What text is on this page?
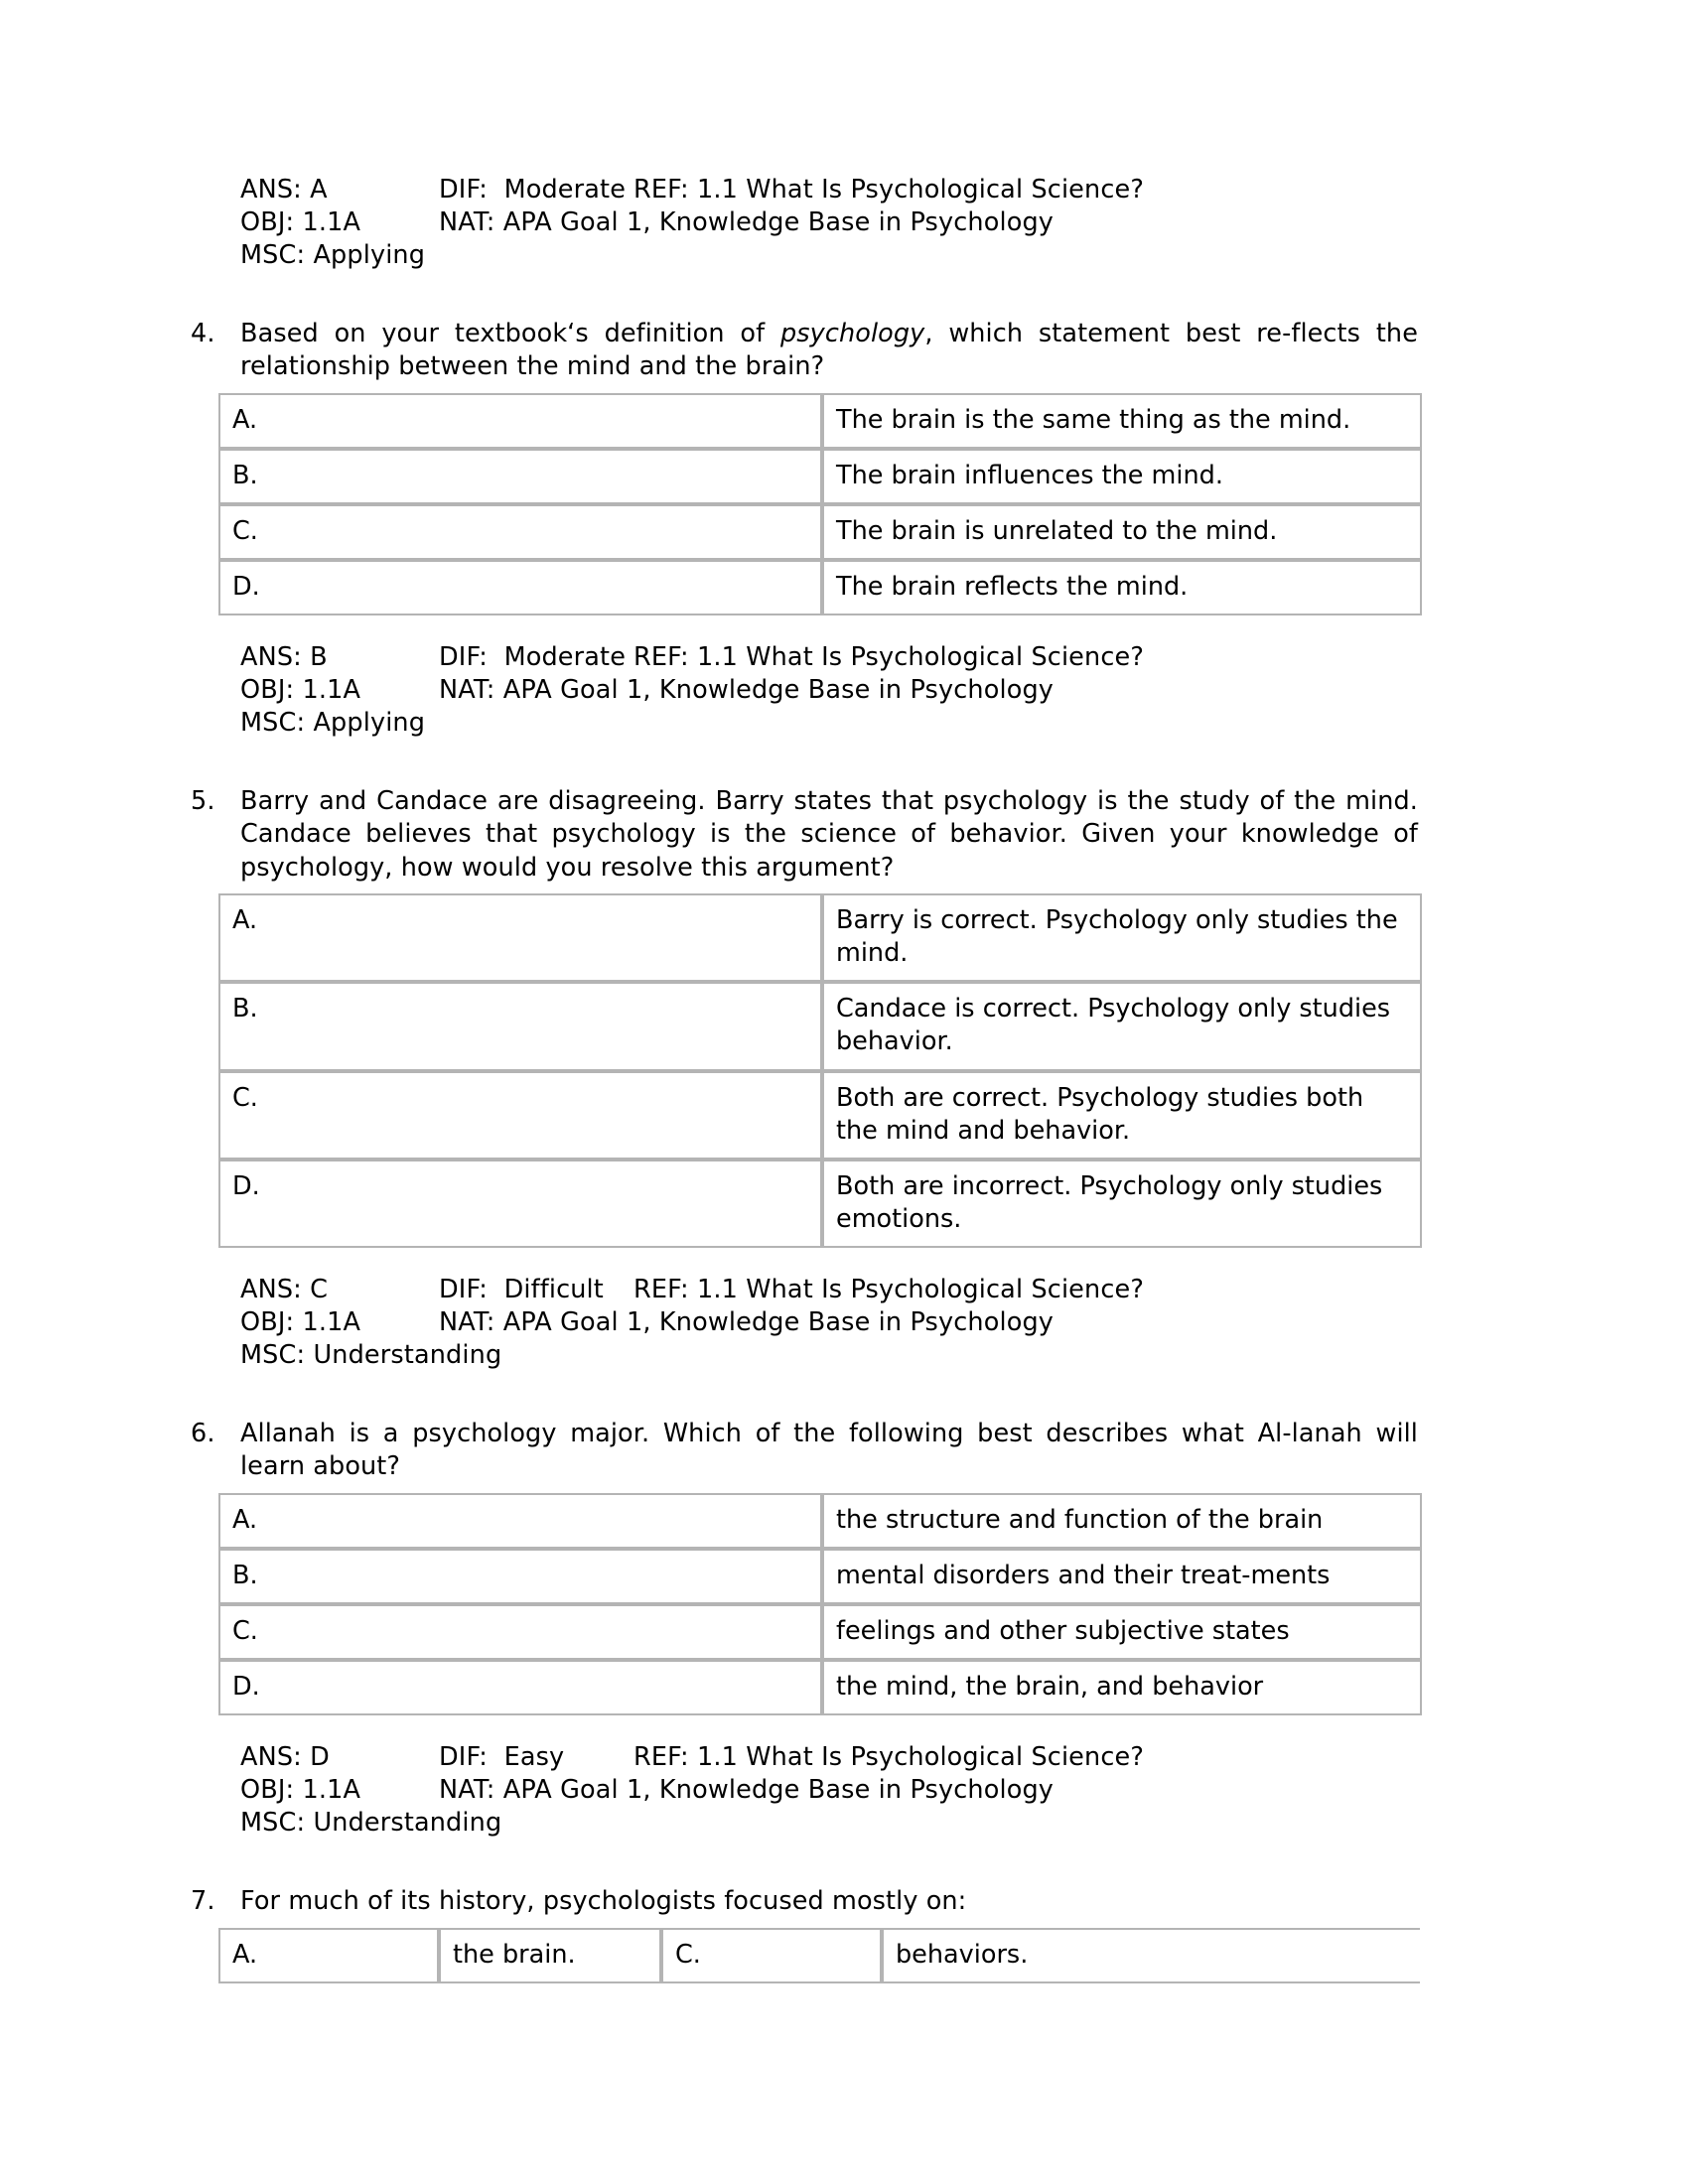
ANS: A	DIF: Moderate REF: 1.1 What Is Psychological Science?
OBJ: 1.1A	NAT: APA Goal 1, Knowledge Base in Psychology
MSC: Applying
4. Based on your textbook‘s definition of psychology, which statement best re-flects the relationship between the mind and the brain?
A.	The brain is the same thing as the mind.
B.	The brain influences the mind.
C.	The brain is unrelated to the mind.
D.	The brain reflects the mind.
ANS: B	DIF: Moderate REF: 1.1 What Is Psychological Science?
OBJ: 1.1A	NAT: APA Goal 1, Knowledge Base in Psychology
MSC: Applying
5. Barry and Candace are disagreeing. Barry states that psychology is the study of the mind. Candace believes that psychology is the science of behavior. Given your knowledge of psychology, how would you resolve this argument?
A.	Barry is correct. Psychology only studies the mind.
B.	Candace is correct. Psychology only studies behavior.
C.	Both are correct. Psychology studies both the mind and behavior.
D.	Both are incorrect. Psychology only studies emotions.
ANS: C	DIF: Difficult REF: 1.1 What Is Psychological Science?
OBJ: 1.1A	NAT: APA Goal 1, Knowledge Base in Psychology
MSC: Understanding
6. Allanah is a psychology major. Which of the following best describes what Al-lanah will learn about?
A.	the structure and function of the brain
B.	mental disorders and their treat-ments
C.	feelings and other subjective states
D.	the mind, the brain, and behavior
ANS: D	DIF: Easy	REF: 1.1 What Is Psychological Science?
OBJ: 1.1A	NAT: APA Goal 1, Knowledge Base in Psychology
MSC: Understanding
7. For much of its history, psychologists focused mostly on:
A.	the brain.	C.	behaviors.
